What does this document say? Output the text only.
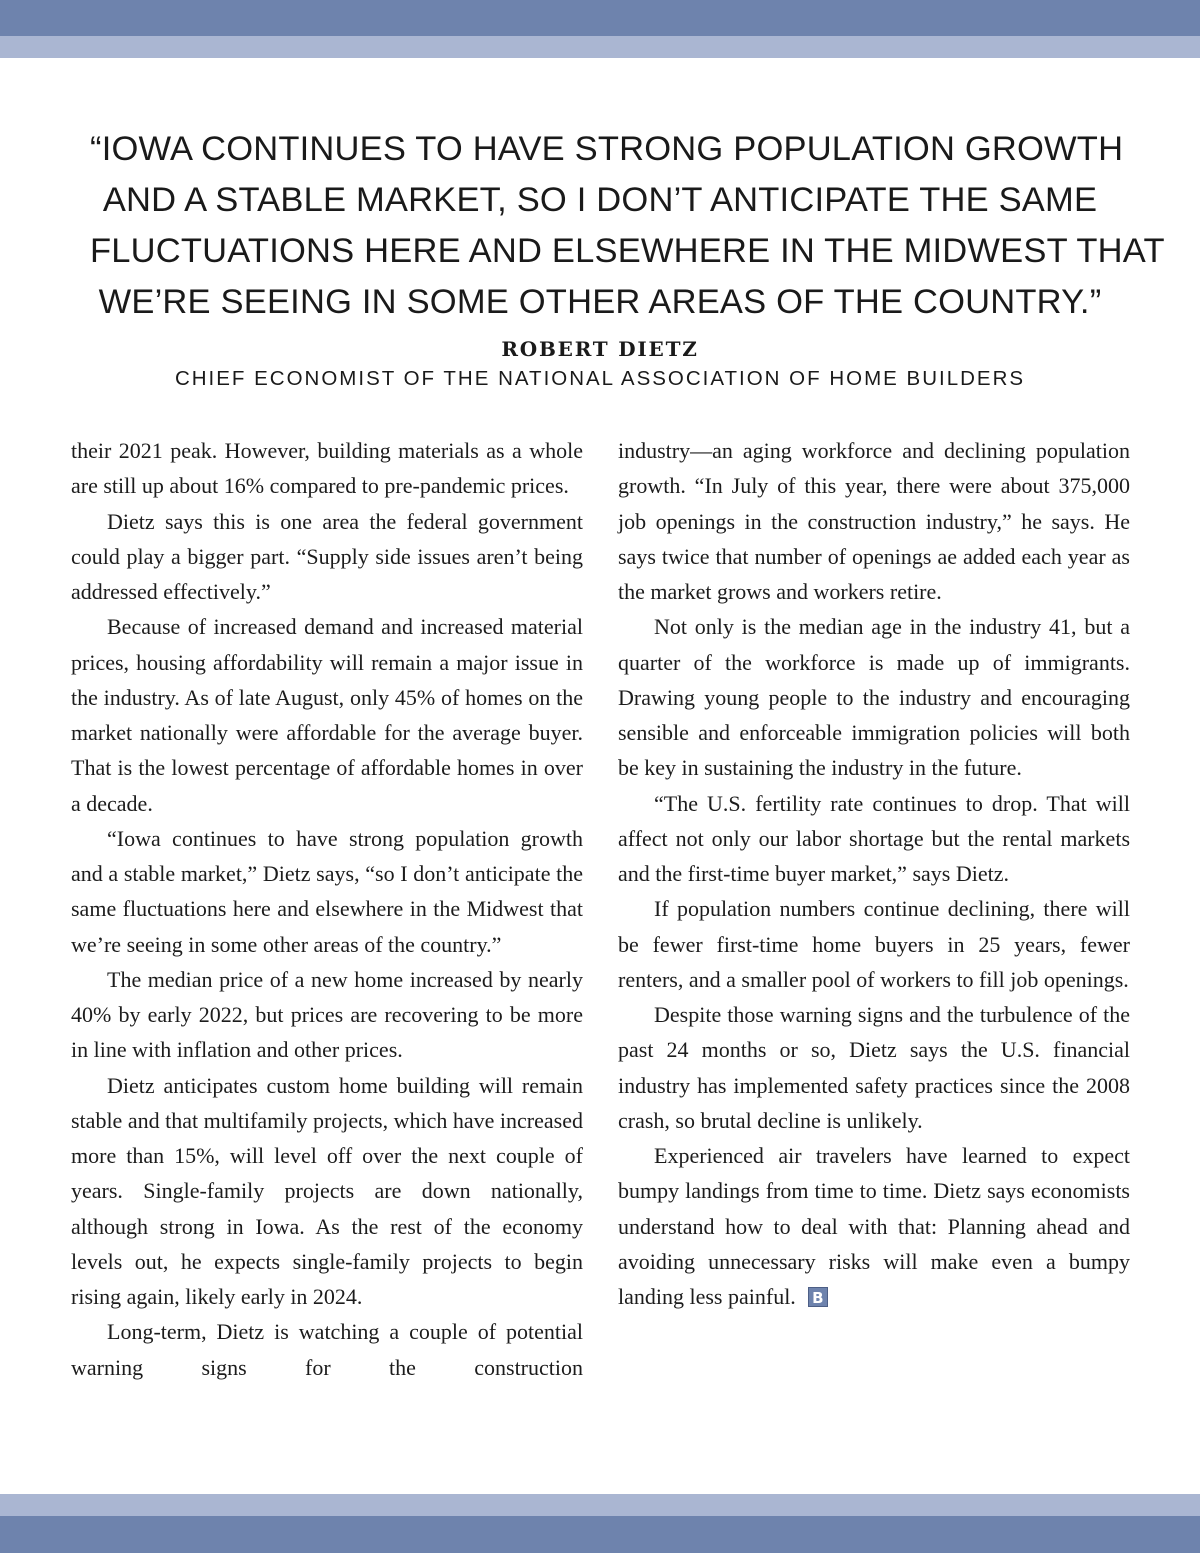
“IOWA CONTINUES TO HAVE STRONG POPULATION GROWTH
AND A STABLE MARKET, SO I DON’T ANTICIPATE THE SAME
FLUCTUATIONS HERE AND ELSEWHERE IN THE MIDWEST THAT
WE’RE SEEING IN SOME OTHER AREAS OF THE COUNTRY.”
ROBERT DIETZ
CHIEF ECONOMIST OF THE NATIONAL ASSOCIATION OF HOME BUILDERS

their 2021 peak. However, building materials as a whole are still up about 16% compared to pre-pandemic prices.

Dietz says this is one area the federal government could play a bigger part. “Supply side issues aren’t being addressed effectively.”

Because of increased demand and increased material prices, housing affordability will remain a major issue in the industry. As of late August, only 45% of homes on the market nationally were affordable for the average buyer. That is the lowest percentage of affordable homes in over a decade.

“Iowa continues to have strong population growth and a stable market,” Dietz says, “so I don’t anticipate the same fluctuations here and elsewhere in the Midwest that we’re seeing in some other areas of the country.”

The median price of a new home increased by nearly 40% by early 2022, but prices are recovering to be more in line with inflation and other prices.

Dietz anticipates custom home building will remain stable and that multifamily projects, which have increased more than 15%, will level off over the next couple of years. Single-family projects are down nationally, although strong in Iowa. As the rest of the economy levels out, he expects single-family projects to begin rising again, likely early in 2024.

Long-term, Dietz is watching a couple of potential warning signs for the construction

industry—an aging workforce and declining population growth. “In July of this year, there were about 375,000 job openings in the construction industry,” he says. He says twice that number of openings ae added each year as the market grows and workers retire.

Not only is the median age in the industry 41, but a quarter of the workforce is made up of immigrants. Drawing young people to the industry and encouraging sensible and enforceable immigration policies will both be key in sustaining the industry in the future.

“The U.S. fertility rate continues to drop. That will affect not only our labor shortage but the rental markets and the first-time buyer market,” says Dietz.

If population numbers continue declining, there will be fewer first-time home buyers in 25 years, fewer renters, and a smaller pool of workers to fill job openings.

Despite those warning signs and the turbulence of the past 24 months or so, Dietz says the U.S. financial industry has implemented safety practices since the 2008 crash, so brutal decline is unlikely.

Experienced air travelers have learned to expect bumpy landings from time to time. Dietz says economists understand how to deal with that: Planning ahead and avoiding unnecessary risks will make even a bumpy landing less painful. B
